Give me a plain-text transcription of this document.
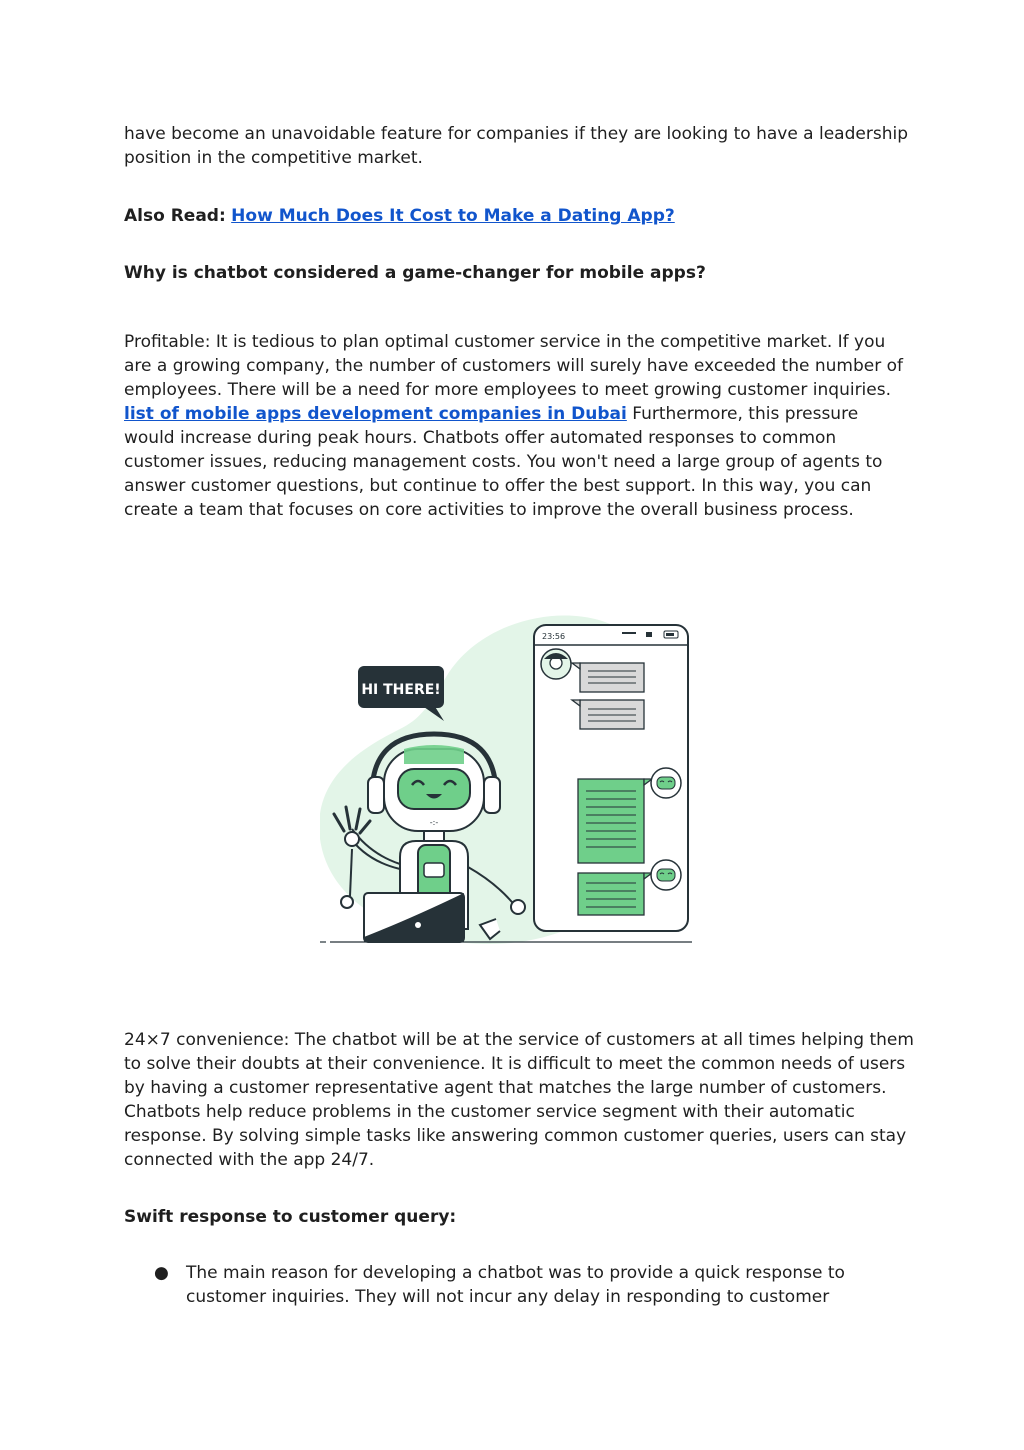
have become an unavoidable feature for companies if they are looking to have a leadership position in the competitive market.

Also Read: How Much Does It Cost to Make a Dating App?

Why is chatbot considered a game-changer for mobile apps?

Profitable: It is tedious to plan optimal customer service in the competitive market. If you are a growing company, the number of customers will surely have exceeded the number of employees. There will be a need for more employees to meet growing customer inquiries. list of mobile apps development companies in Dubai Furthermore, this pressure would increase during peak hours. Chatbots offer automated responses to common customer issues, reducing management costs. You won't need a large group of agents to answer customer questions, but continue to offer the best support. In this way, you can create a team that focuses on core activities to improve the overall business process.

23:56
HI THERE!
-:-

24×7 convenience: The chatbot will be at the service of customers at all times helping them to solve their doubts at their convenience. It is difficult to meet the common needs of users by having a customer representative agent that matches the large number of customers. Chatbots help reduce problems in the customer service segment with their automatic response. By solving simple tasks like answering common customer queries, users can stay connected with the app 24/7.

Swift response to customer query:

● The main reason for developing a chatbot was to provide a quick response to customer inquiries. They will not incur any delay in responding to customer
